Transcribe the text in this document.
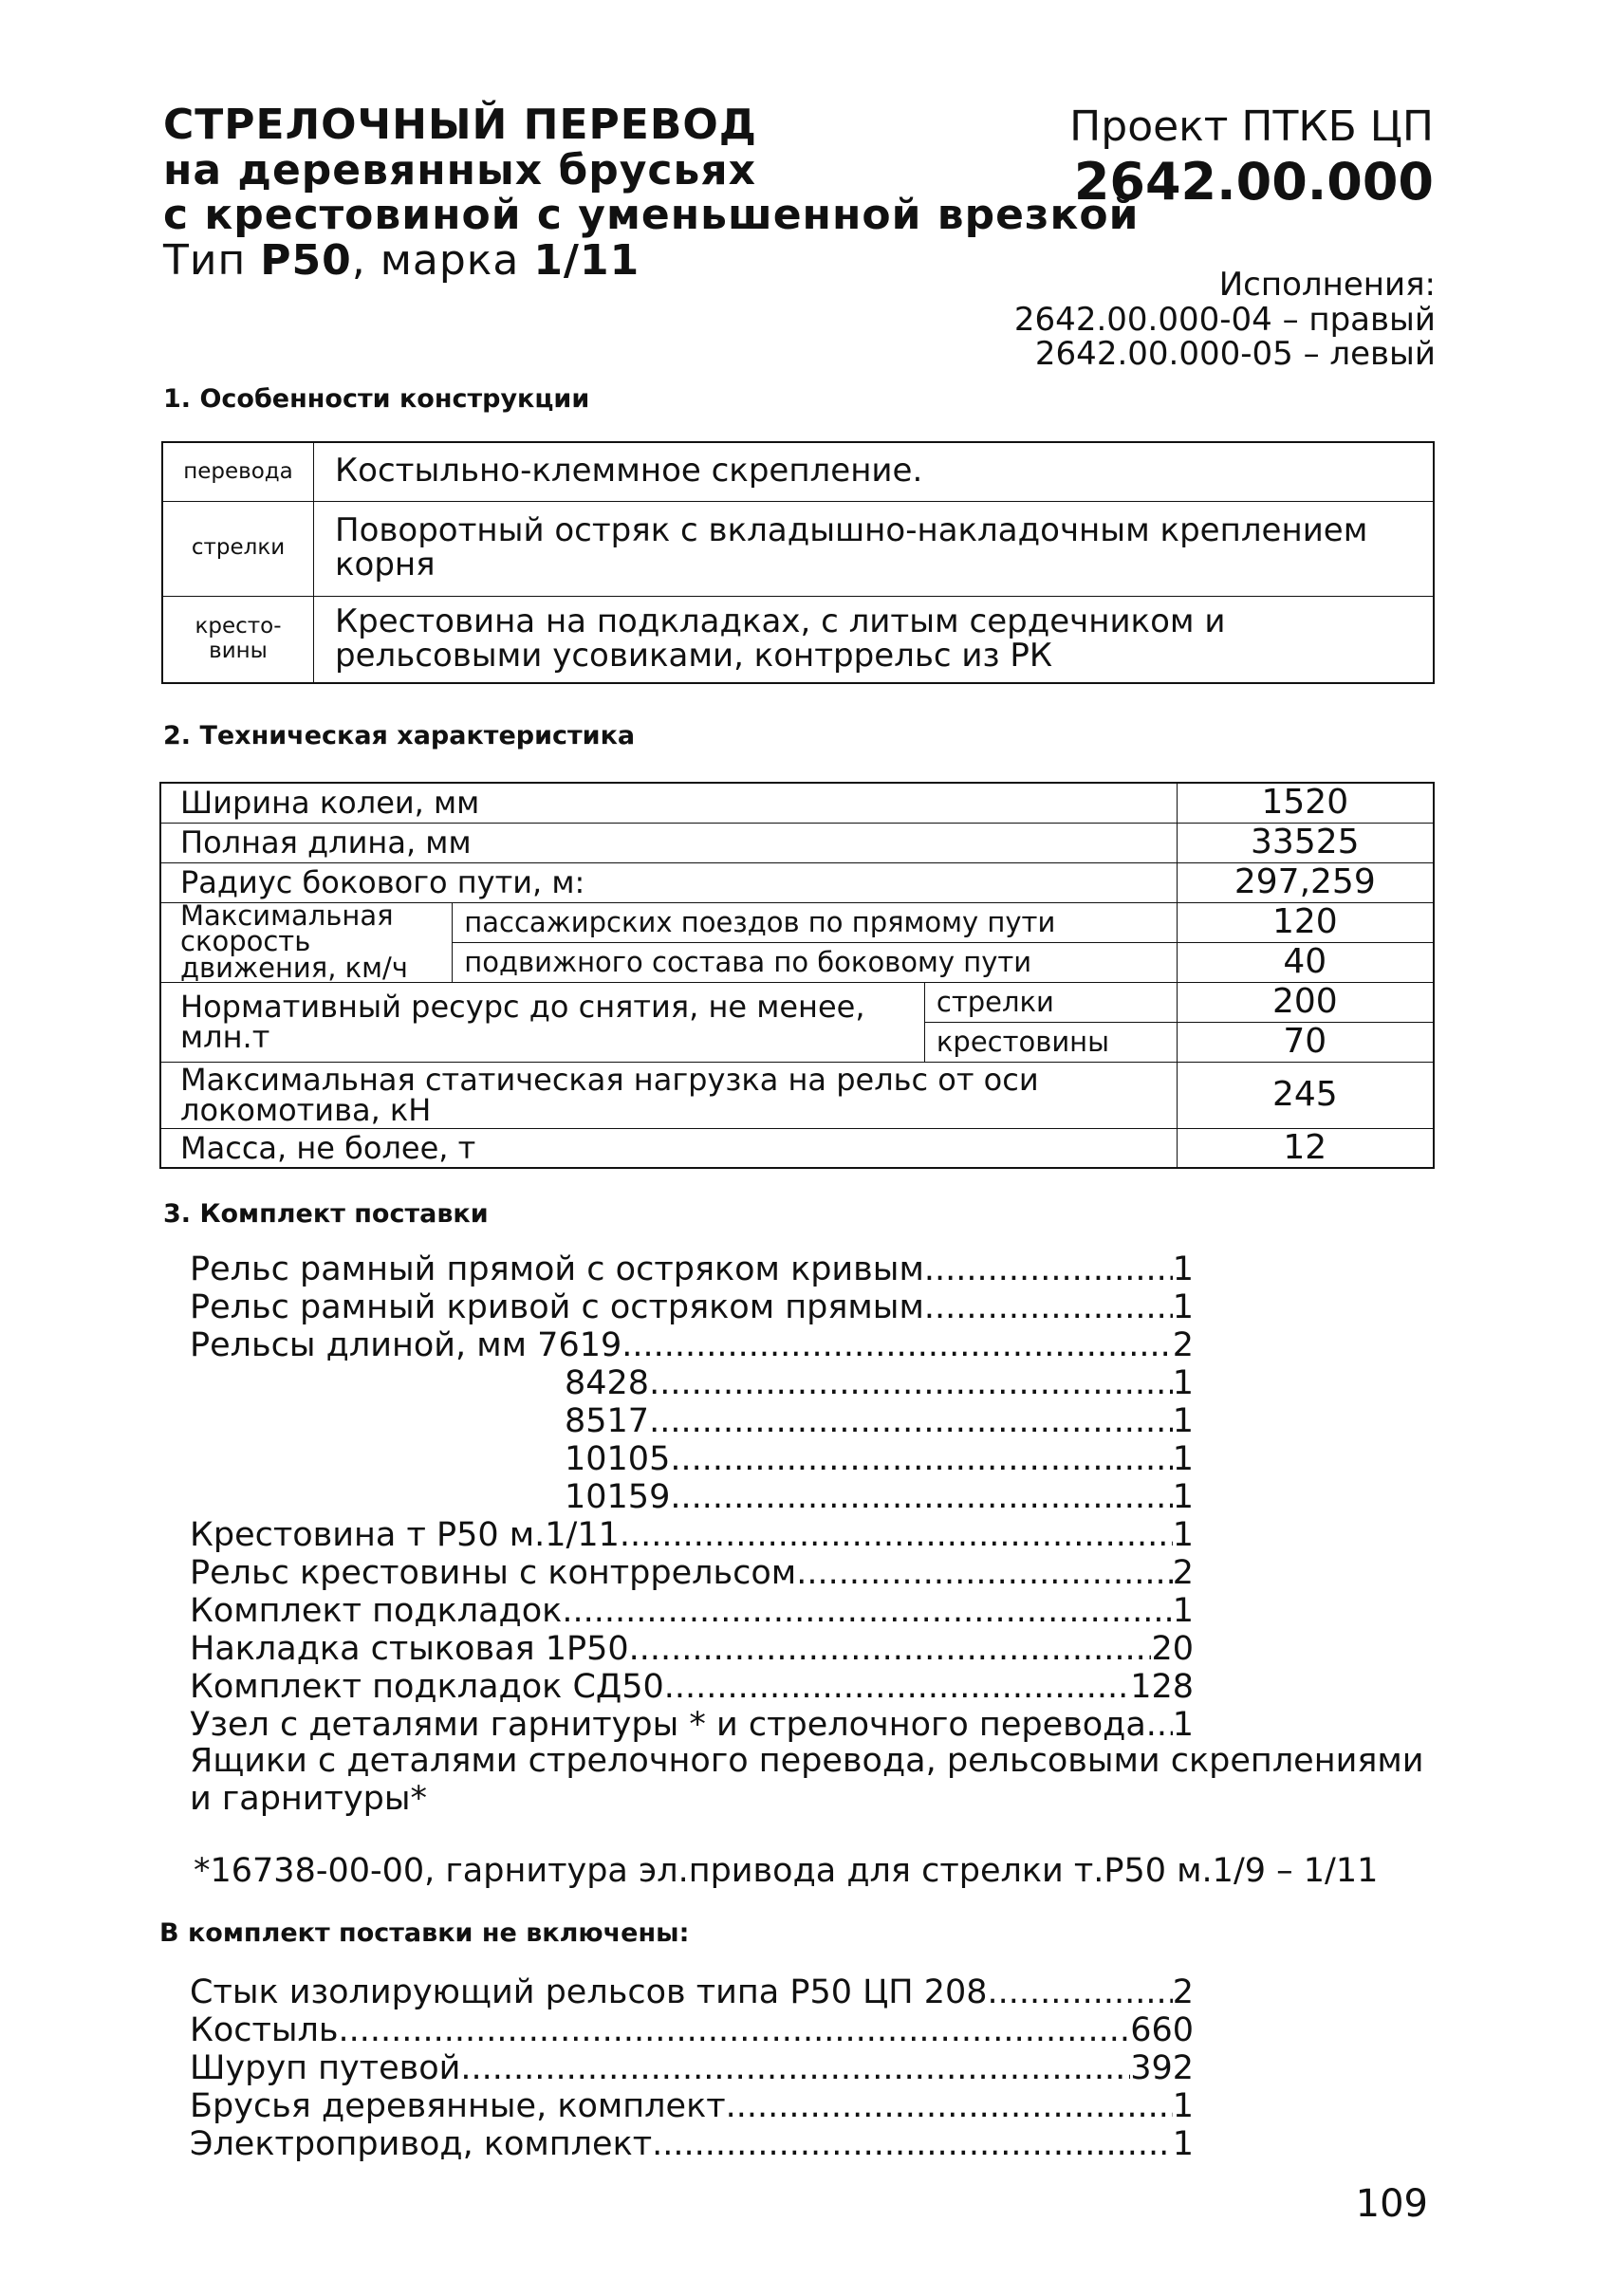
СТРЕЛОЧНЫЙ ПЕРЕВОД
на деревянных брусьях
с крестовиной с уменьшенной врезкой
Тип Р50, марка 1/11
Проект ПТКБ ЦП
2642.00.000
Исполнения:
2642.00.000-04 – правый
2642.00.000-05 – левый
1. Особенности конструкции
перевода	Костыльно-клеммное скрепление.
стрелки	Поворотный остряк с вкладышно-накладочным креплением корня
кресто-вины	Крестовина на подкладках, с литым сердечником и рельсовыми усовиками, контррельс из РК
2. Техническая характеристика
Ширина колеи, мм			1520
Полная длина, мм			33525
Радиус бокового пути, м:			297,259
Максимальная скорость движения, км/ч	пассажирских поездов по прямому пути		120
	подвижного состава по боковому пути		40
Нормативный ресурс до снятия, не менее, млн.т		стрелки	200
		крестовины	70
Максимальная статическая нагрузка на рельс от оси локомотива, кН			245
Масса, не более, т			12
3. Комплект поставки
Рельс рамный прямой с остряком кривым .....	1
Рельс рамный кривой с остряком прямым .....	1
Рельсы длиной, мм 7619 .....	2
8428 .....	1
8517 .....	1
10105 .....	1
10159 .....	1
Крестовина т Р50 м.1/11 .....	1
Рельс крестовины с контррельсом .....	2
Комплект подкладок .....	1
Накладка стыковая 1Р50 .....	20
Комплект подкладок СД50 .....	128
Узел с деталями гарнитуры * и стрелочного перевода ..... 1
Ящики с деталями стрелочного перевода, рельсовыми скреплениями
и гарнитуры*
*16738-00-00, гарнитура эл.привода для стрелки т.Р50 м.1/9 – 1/11
В комплект поставки не включены:
Стык изолирующий рельсов типа Р50 ЦП 208 .....	2
Костыль .....	660
Шуруп путевой .....	392
Брусья деревянные, комплект .....	1
Электропривод, комплект .....	1
109
